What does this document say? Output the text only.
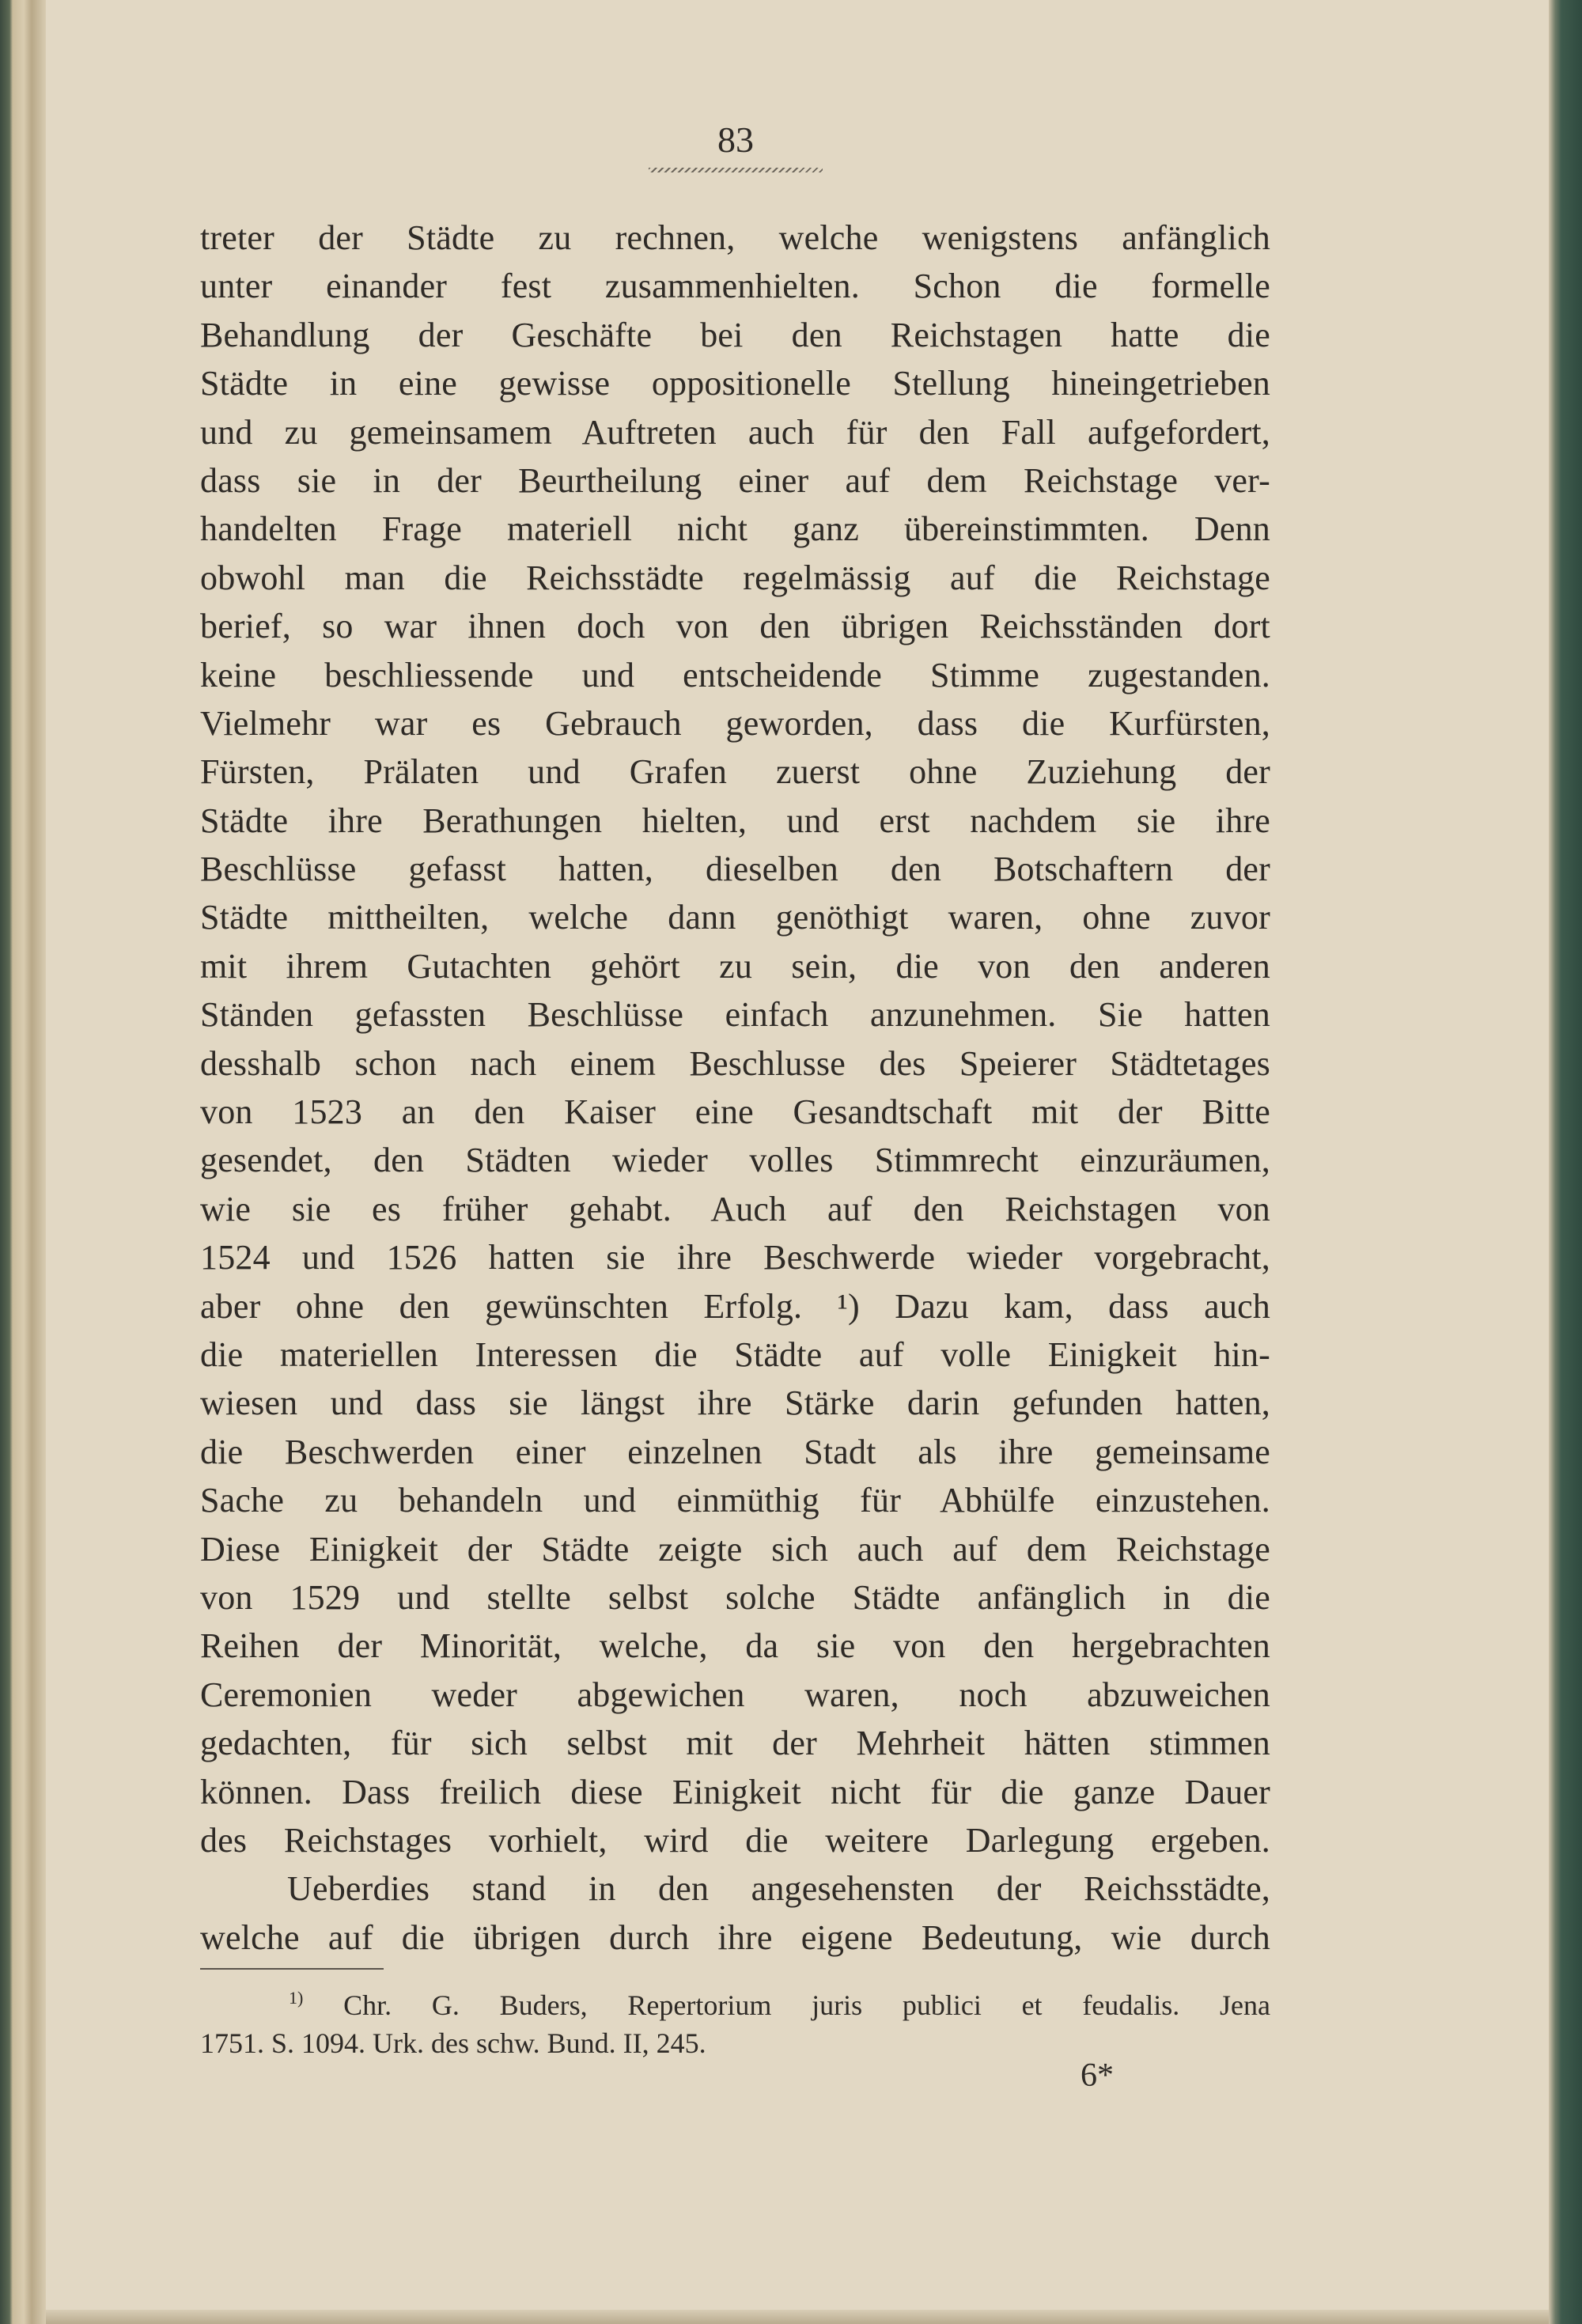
83
treter der Städte zu rechnen, welche wenigstens anfänglich
unter einander fest zusammenhielten. Schon die formelle
Behandlung der Geschäfte bei den Reichstagen hatte die
Städte in eine gewisse oppositionelle Stellung hineingetrieben
und zu gemeinsamem Auftreten auch für den Fall aufgefordert,
dass sie in der Beurtheilung einer auf dem Reichstage ver-
handelten Frage materiell nicht ganz übereinstimmten. Denn
obwohl man die Reichsstädte regelmässig auf die Reichstage
berief, so war ihnen doch von den übrigen Reichsständen dort
keine beschliessende und entscheidende Stimme zugestanden.
Vielmehr war es Gebrauch geworden, dass die Kurfürsten,
Fürsten, Prälaten und Grafen zuerst ohne Zuziehung der
Städte ihre Berathungen hielten, und erst nachdem sie ihre
Beschlüsse gefasst hatten, dieselben den Botschaftern der
Städte mittheilten, welche dann genöthigt waren, ohne zuvor
mit ihrem Gutachten gehört zu sein, die von den anderen
Ständen gefassten Beschlüsse einfach anzunehmen. Sie hatten
desshalb schon nach einem Beschlusse des Speierer Städtetages
von 1523 an den Kaiser eine Gesandtschaft mit der Bitte
gesendet, den Städten wieder volles Stimmrecht einzuräumen,
wie sie es früher gehabt. Auch auf den Reichstagen von
1524 und 1526 hatten sie ihre Beschwerde wieder vorgebracht,
aber ohne den gewünschten Erfolg. ¹) Dazu kam, dass auch
die materiellen Interessen die Städte auf volle Einigkeit hin-
wiesen und dass sie längst ihre Stärke darin gefunden hatten,
die Beschwerden einer einzelnen Stadt als ihre gemeinsame
Sache zu behandeln und einmüthig für Abhülfe einzustehen.
Diese Einigkeit der Städte zeigte sich auch auf dem Reichstage
von 1529 und stellte selbst solche Städte anfänglich in die
Reihen der Minorität, welche, da sie von den hergebrachten
Ceremonien weder abgewichen waren, noch abzuweichen
gedachten, für sich selbst mit der Mehrheit hätten stimmen
können. Dass freilich diese Einigkeit nicht für die ganze Dauer
des Reichstages vorhielt, wird die weitere Darlegung ergeben.
Ueberdies stand in den angesehensten der Reichsstädte,
welche auf die übrigen durch ihre eigene Bedeutung, wie durch
$^{1)}$ Chr. G. Buders, Repertorium juris publici et feudalis. Jena
1751. S. 1094. Urk. des schw. Bund. II, 245.
6*
